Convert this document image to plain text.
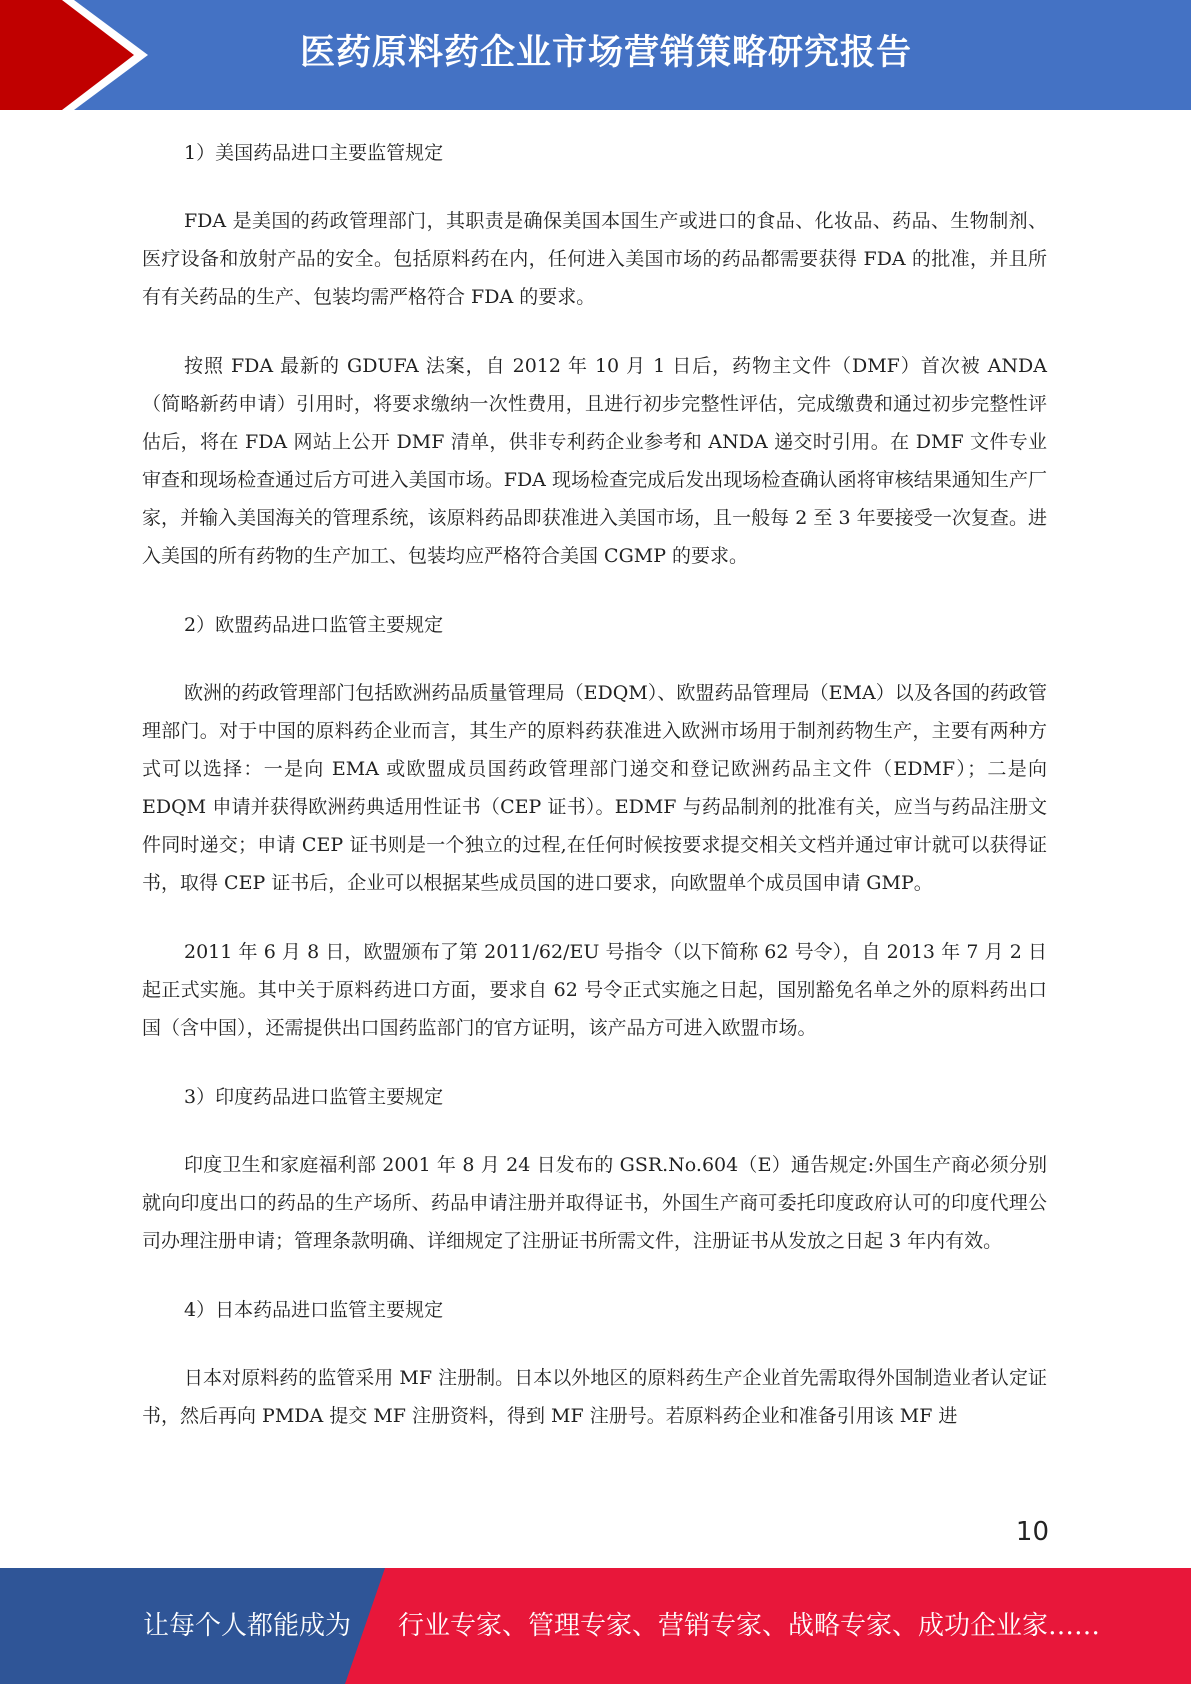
医药原料药企业市场营销策略研究报告
1）美国药品进口主要监管规定

FDA 是美国的药政管理部门，其职责是确保美国本国生产或进口的食品、化妆品、药品、生物制剂、医疗设备和放射产品的安全。包括原料药在内，任何进入美国市场的药品都需要获得 FDA 的批准，并且所有有关药品的生产、包装均需严格符合 FDA 的要求。

按照 FDA 最新的 GDUFA 法案，自 2012 年 10 月 1 日后，药物主文件（DMF）首次被 ANDA（简略新药申请）引用时，将要求缴纳一次性费用，且进行初步完整性评估，完成缴费和通过初步完整性评估后，将在 FDA 网站上公开 DMF 清单，供非专利药企业参考和 ANDA 递交时引用。在 DMF 文件专业审查和现场检查通过后方可进入美国市场。FDA 现场检查完成后发出现场检查确认函将审核结果通知生产厂家，并输入美国海关的管理系统，该原料药品即获准进入美国市场，且一般每 2 至 3 年要接受一次复查。进入美国的所有药物的生产加工、包装均应严格符合美国 CGMP 的要求。

2）欧盟药品进口监管主要规定

欧洲的药政管理部门包括欧洲药品质量管理局（EDQM）、欧盟药品管理局（EMA）以及各国的药政管理部门。对于中国的原料药企业而言，其生产的原料药获准进入欧洲市场用于制剂药物生产，主要有两种方式可以选择：一是向 EMA 或欧盟成员国药政管理部门递交和登记欧洲药品主文件（EDMF）；二是向 EDQM 申请并获得欧洲药典适用性证书（CEP 证书）。EDMF 与药品制剂的批准有关，应当与药品注册文件同时递交；申请 CEP 证书则是一个独立的过程,在任何时候按要求提交相关文档并通过审计就可以获得证书，取得 CEP 证书后，企业可以根据某些成员国的进口要求，向欧盟单个成员国申请 GMP。

2011 年 6 月 8 日，欧盟颁布了第 2011/62/EU 号指令（以下简称 62 号令），自 2013 年 7 月 2 日起正式实施。其中关于原料药进口方面，要求自 62 号令正式实施之日起，国别豁免名单之外的原料药出口国（含中国），还需提供出口国药监部门的官方证明，该产品方可进入欧盟市场。

3）印度药品进口监管主要规定

印度卫生和家庭福利部 2001 年 8 月 24 日发布的 GSR.No.604（E）通告规定:外国生产商必须分别就向印度出口的药品的生产场所、药品申请注册并取得证书，外国生产商可委托印度政府认可的印度代理公司办理注册申请；管理条款明确、详细规定了注册证书所需文件，注册证书从发放之日起 3 年内有效。

4）日本药品进口监管主要规定

日本对原料药的监管采用 MF 注册制。日本以外地区的原料药生产企业首先需取得外国制造业者认定证书，然后再向 PMDA 提交 MF 注册资料，得到 MF 注册号。若原料药企业和准备引用该 MF 进

10
让每个人都能成为 行业专家、管理专家、营销专家、战略专家、成功企业家……
